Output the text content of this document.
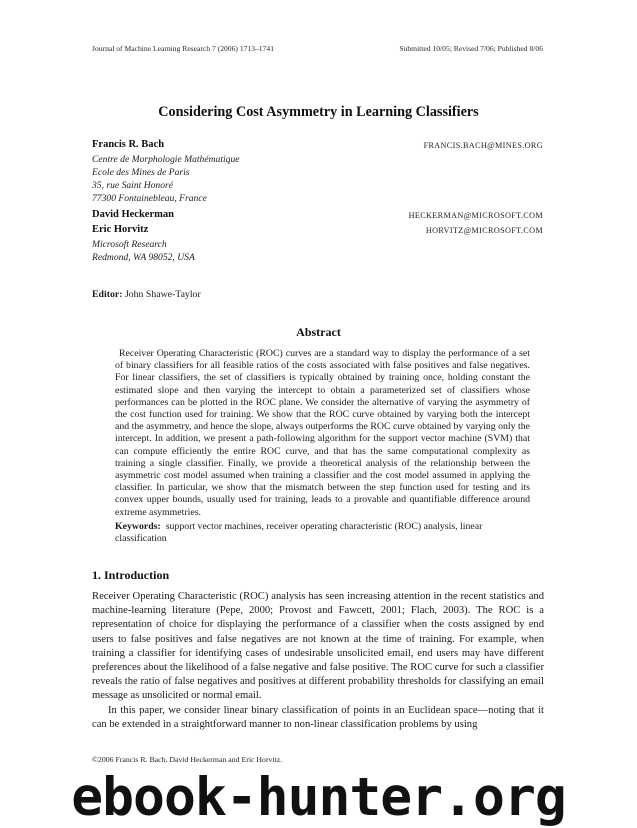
Journal of Machine Learning Research 7 (2006) 1713–1741	Submitted 10/05; Revised 7/06; Published 8/06
Considering Cost Asymmetry in Learning Classifiers
Francis R. Bach	FRANCIS.BACH@MINES.ORG
Centre de Morphologie Mathématique
Ecole des Mines de Paris
35, rue Saint Honoré
77300 Fontainebleau, France
David Heckerman	HECKERMAN@MICROSOFT.COM
Eric Horvitz	HORVITZ@MICROSOFT.COM
Microsoft Research
Redmond, WA 98052, USA
Editor: John Shawe-Taylor
Abstract
Receiver Operating Characteristic (ROC) curves are a standard way to display the performance of a set of binary classifiers for all feasible ratios of the costs associated with false positives and false negatives. For linear classifiers, the set of classifiers is typically obtained by training once, holding constant the estimated slope and then varying the intercept to obtain a parameterized set of classifiers whose performances can be plotted in the ROC plane. We consider the alternative of varying the asymmetry of the cost function used for training. We show that the ROC curve obtained by varying both the intercept and the asymmetry, and hence the slope, always outperforms the ROC curve obtained by varying only the intercept. In addition, we present a path-following algorithm for the support vector machine (SVM) that can compute efficiently the entire ROC curve, and that has the same computational complexity as training a single classifier. Finally, we provide a theoretical analysis of the relationship between the asymmetric cost model assumed when training a classifier and the cost model assumed in applying the classifier. In particular, we show that the mismatch between the step function used for testing and its convex upper bounds, usually used for training, leads to a provable and quantifiable difference around extreme asymmetries.
Keywords: support vector machines, receiver operating characteristic (ROC) analysis, linear classification
1. Introduction

Receiver Operating Characteristic (ROC) analysis has seen increasing attention in the recent statistics and machine-learning literature (Pepe, 2000; Provost and Fawcett, 2001; Flach, 2003). The ROC is a representation of choice for displaying the performance of a classifier when the costs assigned by end users to false positives and false negatives are not known at the time of training. For example, when training a classifier for identifying cases of undesirable unsolicited email, end users may have different preferences about the likelihood of a false negative and false positive. The ROC curve for such a classifier reveals the ratio of false negatives and positives at different probability thresholds for classifying an email message as unsolicited or normal email.

In this paper, we consider linear binary classification of points in an Euclidean space—noting that it can be extended in a straightforward manner to non-linear classification problems by using

©2006 Francis R. Bach, David Heckerman and Eric Horvitz.
ebook-hunter.org
